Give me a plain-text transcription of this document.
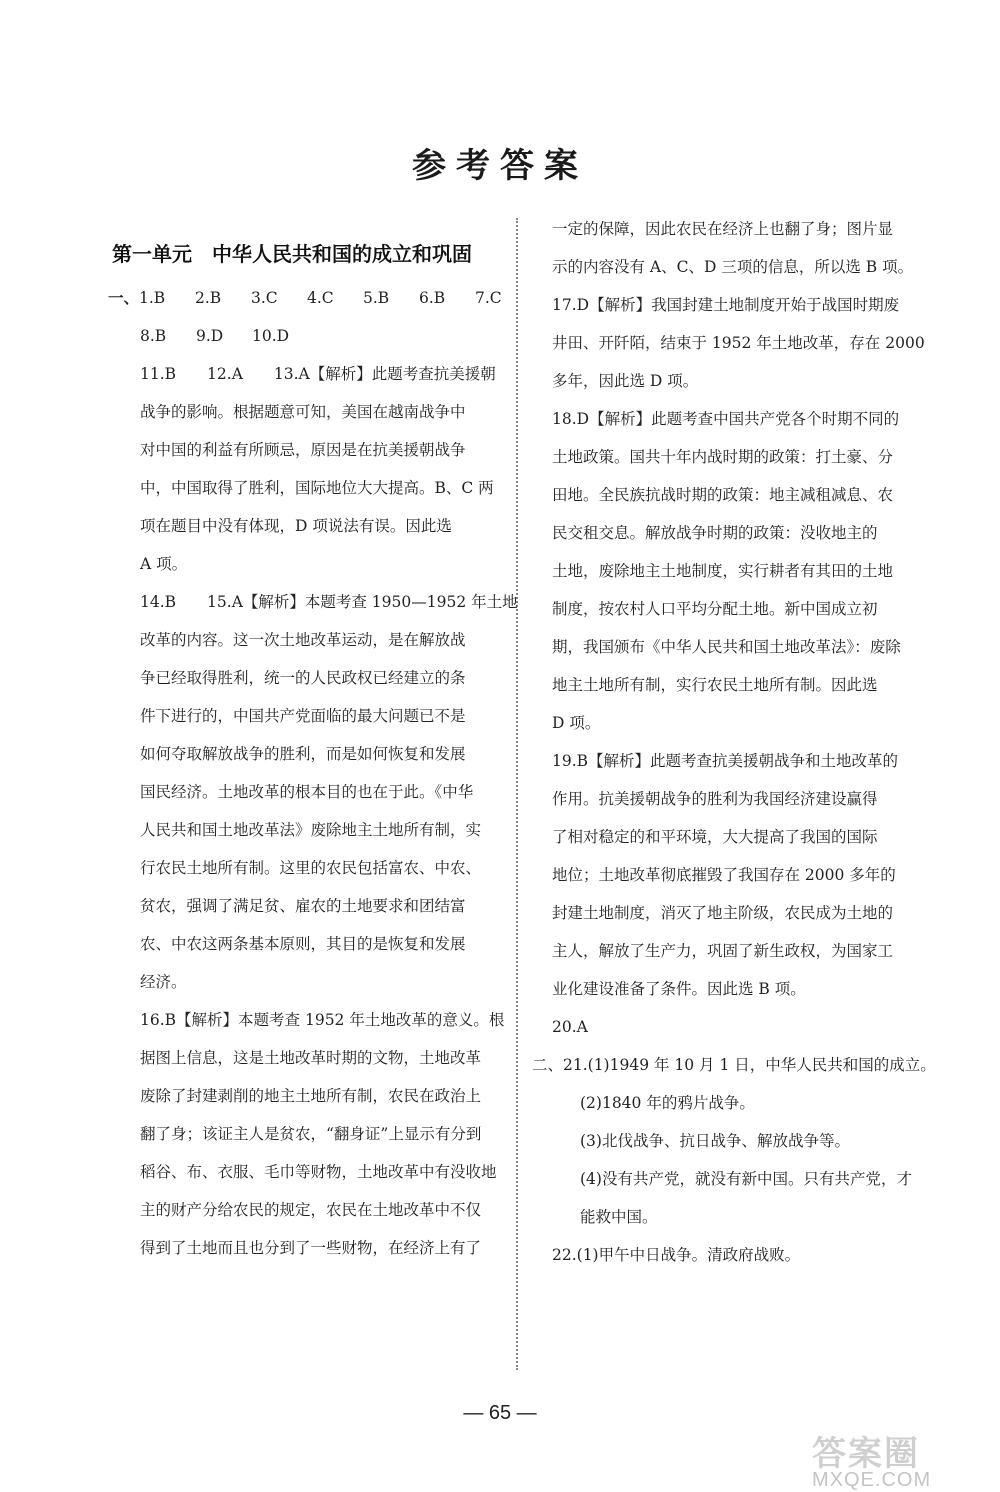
参考答案
第一单元　中华人民共和国的成立和巩固
一、 1.B	2.B	3.C	4.C	5.B	6.B	7.C
8.B	9.D	10.D
11.B　　12.A　　13.A【解析】此题考查抗美援朝
战争的影响。根据题意可知，美国在越南战争中
对中国的利益有所顾忌，原因是在抗美援朝战争
中，中国取得了胜利，国际地位大大提高。B、C 两
项在题目中没有体现，D 项说法有误。因此选
A 项。
14.B　　15.A【解析】本题考查 1950—1952 年土地
改革的内容。这一次土地改革运动，是在解放战
争已经取得胜利，统一的人民政权已经建立的条
件下进行的，中国共产党面临的最大问题已不是
如何夺取解放战争的胜利，而是如何恢复和发展
国民经济。土地改革的根本目的也在于此。《中华
人民共和国土地改革法》废除地主土地所有制，实
行农民土地所有制。这里的农民包括富农、中农、
贫农，强调了满足贫、雇农的土地要求和团结富
农、中农这两条基本原则，其目的是恢复和发展
经济。
16.B【解析】本题考查 1952 年土地改革的意义。根
据图上信息，这是土地改革时期的文物，土地改革
废除了封建剥削的地主土地所有制，农民在政治上
翻了身；该证主人是贫农，“翻身证”上显示有分到
稻谷、布、衣服、毛巾等财物，土地改革中有没收地
主的财产分给农民的规定，农民在土地改革中不仅
得到了土地而且也分到了一些财物，在经济上有了
一定的保障，因此农民在经济上也翻了身；图片显
示的内容没有 A、C、D 三项的信息，所以选 B 项。
17.D【解析】我国封建土地制度开始于战国时期废
井田、开阡陌，结束于 1952 年土地改革，存在 2000
多年，因此选 D 项。
18.D【解析】此题考查中国共产党各个时期不同的
土地政策。国共十年内战时期的政策：打土豪、分
田地。全民族抗战时期的政策：地主减租减息、农
民交租交息。解放战争时期的政策：没收地主的
土地，废除地主土地制度，实行耕者有其田的土地
制度，按农村人口平均分配土地。新中国成立初
期，我国颁布《中华人民共和国土地改革法》：废除
地主土地所有制，实行农民土地所有制。因此选
D 项。
19.B【解析】此题考查抗美援朝战争和土地改革的
作用。抗美援朝战争的胜利为我国经济建设赢得
了相对稳定的和平环境，大大提高了我国的国际
地位；土地改革彻底摧毁了我国存在 2000 多年的
封建土地制度，消灭了地主阶级，农民成为土地的
主人，解放了生产力，巩固了新生政权，为国家工
业化建设准备了条件。因此选 B 项。
20.A
二、21.(1)1949 年 10 月 1 日，中华人民共和国的成立。
(2)1840 年的鸦片战争。
(3)北伐战争、抗日战争、解放战争等。
(4)没有共产党，就没有新中国。只有共产党，才
能救中国。
22.(1)甲午中日战争。清政府战败。
— 65 —
答案圈
MXQE.COM
